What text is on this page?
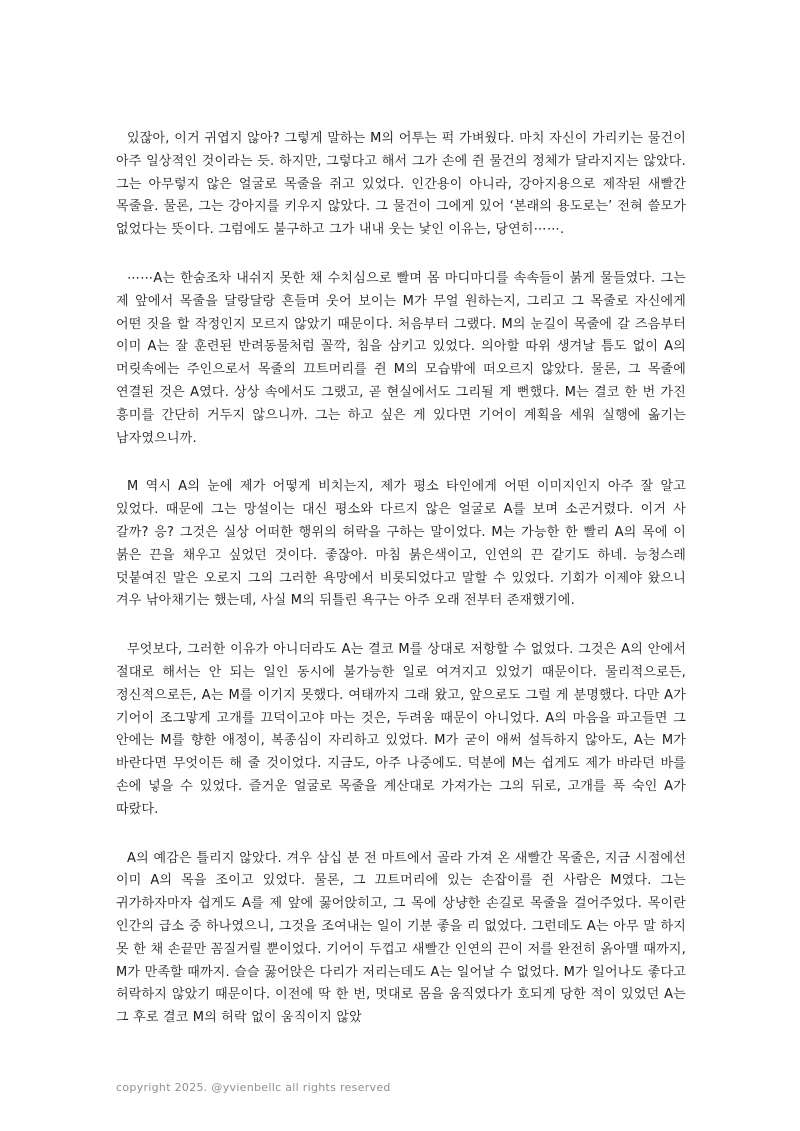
있잖아, 이거 귀엽지 않아? 그렇게 말하는 M의 어투는 퍽 가벼웠다. 마치 자신이 가리키는 물건이 아주 일상적인 것이라는 듯. 하지만, 그렇다고 해서 그가 손에 쥔 물건의 정체가 달라지지는 않았다. 그는 아무렇지 않은 얼굴로 목줄을 쥐고 있었다. 인간용이 아니라, 강아지용으로 제작된 새빨간 목줄을. 물론, 그는 강아지를 키우지 않았다. 그 물건이 그에게 있어 ‘본래의 용도로는’ 전혀 쓸모가 없었다는 뜻이다. 그럼에도 불구하고 그가 내내 웃는 낯인 이유는, 당연히⋯⋯.

⋯⋯A는 한숨조차 내쉬지 못한 채 수치심으로 빨며 몸 마디마디를 속속들이 붉게 물들였다. 그는 제 앞에서 목줄을 달랑달랑 흔들며 웃어 보이는 M가 무얼 원하는지, 그리고 그 목줄로 자신에게 어떤 짓을 할 작정인지 모르지 않았기 때문이다. 처음부터 그랬다. M의 눈길이 목줄에 갈 즈음부터 이미 A는 잘 훈련된 반려동물처럼 꼴깍, 침을 삼키고 있었다. 의아할 따위 생겨날 틈도 없이 A의 머릿속에는 주인으로서 목줄의 끄트머리를 쥔 M의 모습밖에 떠오르지 않았다. 물론, 그 목줄에 연결된 것은 A였다. 상상 속에서도 그랬고, 곧 현실에서도 그리될 게 뻔했다. M는 결코 한 번 가진 흥미를 간단히 거두지 않으니까. 그는 하고 싶은 게 있다면 기어이 계획을 세워 실행에 옮기는 남자였으니까.

M 역시 A의 눈에 제가 어떻게 비치는지, 제가 평소 타인에게 어떤 이미지인지 아주 잘 알고 있었다. 때문에 그는 망설이는 대신 평소와 다르지 않은 얼굴로 A를 보며 소곤거렸다. 이거 사 갈까? 응? 그것은 실상 어떠한 행위의 허락을 구하는 말이었다. M는 가능한 한 빨리 A의 목에 이 붉은 끈을 채우고 싶었던 것이다. 좋잖아. 마침 붉은색이고, 인연의 끈 같기도 하네. 능청스레 덧붙여진 말은 오로지 그의 그러한 욕망에서 비롯되었다고 말할 수 있었다. 기회가 이제야 왔으니 겨우 낚아채기는 했는데, 사실 M의 뒤틀린 욕구는 아주 오래 전부터 존재했기에.

무엇보다, 그러한 이유가 아니더라도 A는 결코 M를 상대로 저항할 수 없었다. 그것은 A의 안에서 절대로 해서는 안 되는 일인 동시에 불가능한 일로 여겨지고 있었기 때문이다. 물리적으로든, 정신적으로든, A는 M를 이기지 못했다. 여태까지 그래 왔고, 앞으로도 그럴 게 분명했다. 다만 A가 기어이 조그맣게 고개를 끄덕이고야 마는 것은, 두려움 때문이 아니었다. A의 마음을 파고들면 그 안에는 M를 향한 애정이, 복종심이 자리하고 있었다. M가 굳이 애써 설득하지 않아도, A는 M가 바란다면 무엇이든 해 줄 것이었다. 지금도, 아주 나중에도. 덕분에 M는 쉽게도 제가 바라던 바를 손에 넣을 수 있었다. 즐거운 얼굴로 목줄을 계산대로 가져가는 그의 뒤로, 고개를 푹 숙인 A가 따랐다.

A의 예감은 틀리지 않았다. 겨우 삼십 분 전 마트에서 골라 가져 온 새빨간 목줄은, 지금 시점에선 이미 A의 목을 조이고 있었다. 물론, 그 끄트머리에 있는 손잡이를 쥔 사람은 M였다. 그는 귀가하자마자 쉽게도 A를 제 앞에 꿇어앉히고, 그 목에 상냥한 손길로 목줄을 걸어주었다. 목이란 인간의 급소 중 하나였으니, 그것을 조여내는 일이 기분 좋을 리 없었다. 그런데도 A는 아무 말 하지 못 한 채 손끝만 꼼질거릴 뿐이었다. 기어이 두껍고 새빨간 인연의 끈이 저를 완전히 옭아맬 때까지, M가 만족할 때까지. 슬슬 꿇어앉은 다리가 저리는데도 A는 일어날 수 없었다. M가 일어나도 좋다고 허락하지 않았기 때문이다. 이전에 딱 한 번, 멋대로 몸을 움직였다가 호되게 당한 적이 있었던 A는 그 후로 결코 M의 허락 없이 움직이지 않았

copyright 2025. @yvienbellc all rights reserved
